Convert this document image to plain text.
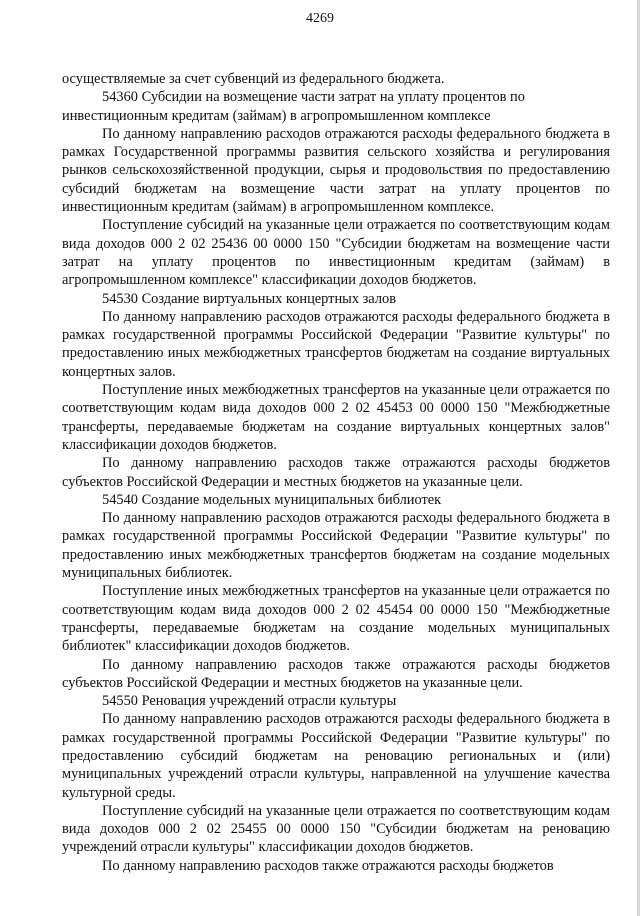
4269

осуществляемые за счет субвенций из федерального бюджета.

54360 Субсидии на возмещение части затрат на уплату процентов по инвестиционным кредитам (займам) в агропромышленном комплексе

По данному направлению расходов отражаются расходы федерального бюджета в рамках Государственной программы развития сельского хозяйства и регулирования рынков сельскохозяйственной продукции, сырья и продовольствия по предоставлению субсидий бюджетам на возмещение части затрат на уплату процентов по инвестиционным кредитам (займам) в агропромышленном комплексе.

Поступление субсидий на указанные цели отражается по соответствующим кодам вида доходов 000 2 02 25436 00 0000 150 "Субсидии бюджетам на возмещение части затрат на уплату процентов по инвестиционным кредитам (займам) в агропромышленном комплексе" классификации доходов бюджетов.

54530 Создание виртуальных концертных залов

По данному направлению расходов отражаются расходы федерального бюджета в рамках государственной программы Российской Федерации "Развитие культуры" по предоставлению иных межбюджетных трансфертов бюджетам на создание виртуальных концертных залов.

Поступление иных межбюджетных трансфертов на указанные цели отражается по соответствующим кодам вида доходов 000 2 02 45453 00 0000 150 "Межбюджетные трансферты, передаваемые бюджетам на создание виртуальных концертных залов" классификации доходов бюджетов.

По данному направлению расходов также отражаются расходы бюджетов субъектов Российской Федерации и местных бюджетов на указанные цели.

54540 Создание модельных муниципальных библиотек

По данному направлению расходов отражаются расходы федерального бюджета в рамках государственной программы Российской Федерации "Развитие культуры" по предоставлению иных межбюджетных трансфертов бюджетам на создание модельных муниципальных библиотек.

Поступление иных межбюджетных трансфертов на указанные цели отражается по соответствующим кодам вида доходов 000 2 02 45454 00 0000 150 "Межбюджетные трансферты, передаваемые бюджетам на создание модельных муниципальных библиотек" классификации доходов бюджетов.

По данному направлению расходов также отражаются расходы бюджетов субъектов Российской Федерации и местных бюджетов на указанные цели.

54550 Реновация учреждений отрасли культуры

По данному направлению расходов отражаются расходы федерального бюджета в рамках государственной программы Российской Федерации "Развитие культуры" по предоставлению субсидий бюджетам на реновацию региональных и (или) муниципальных учреждений отрасли культуры, направленной на улучшение качества культурной среды.

Поступление субсидий на указанные цели отражается по соответствующим кодам вида доходов 000 2 02 25455 00 0000 150 "Субсидии бюджетам на реновацию учреждений отрасли культуры" классификации доходов бюджетов.

По данному направлению расходов также отражаются расходы бюджетов
